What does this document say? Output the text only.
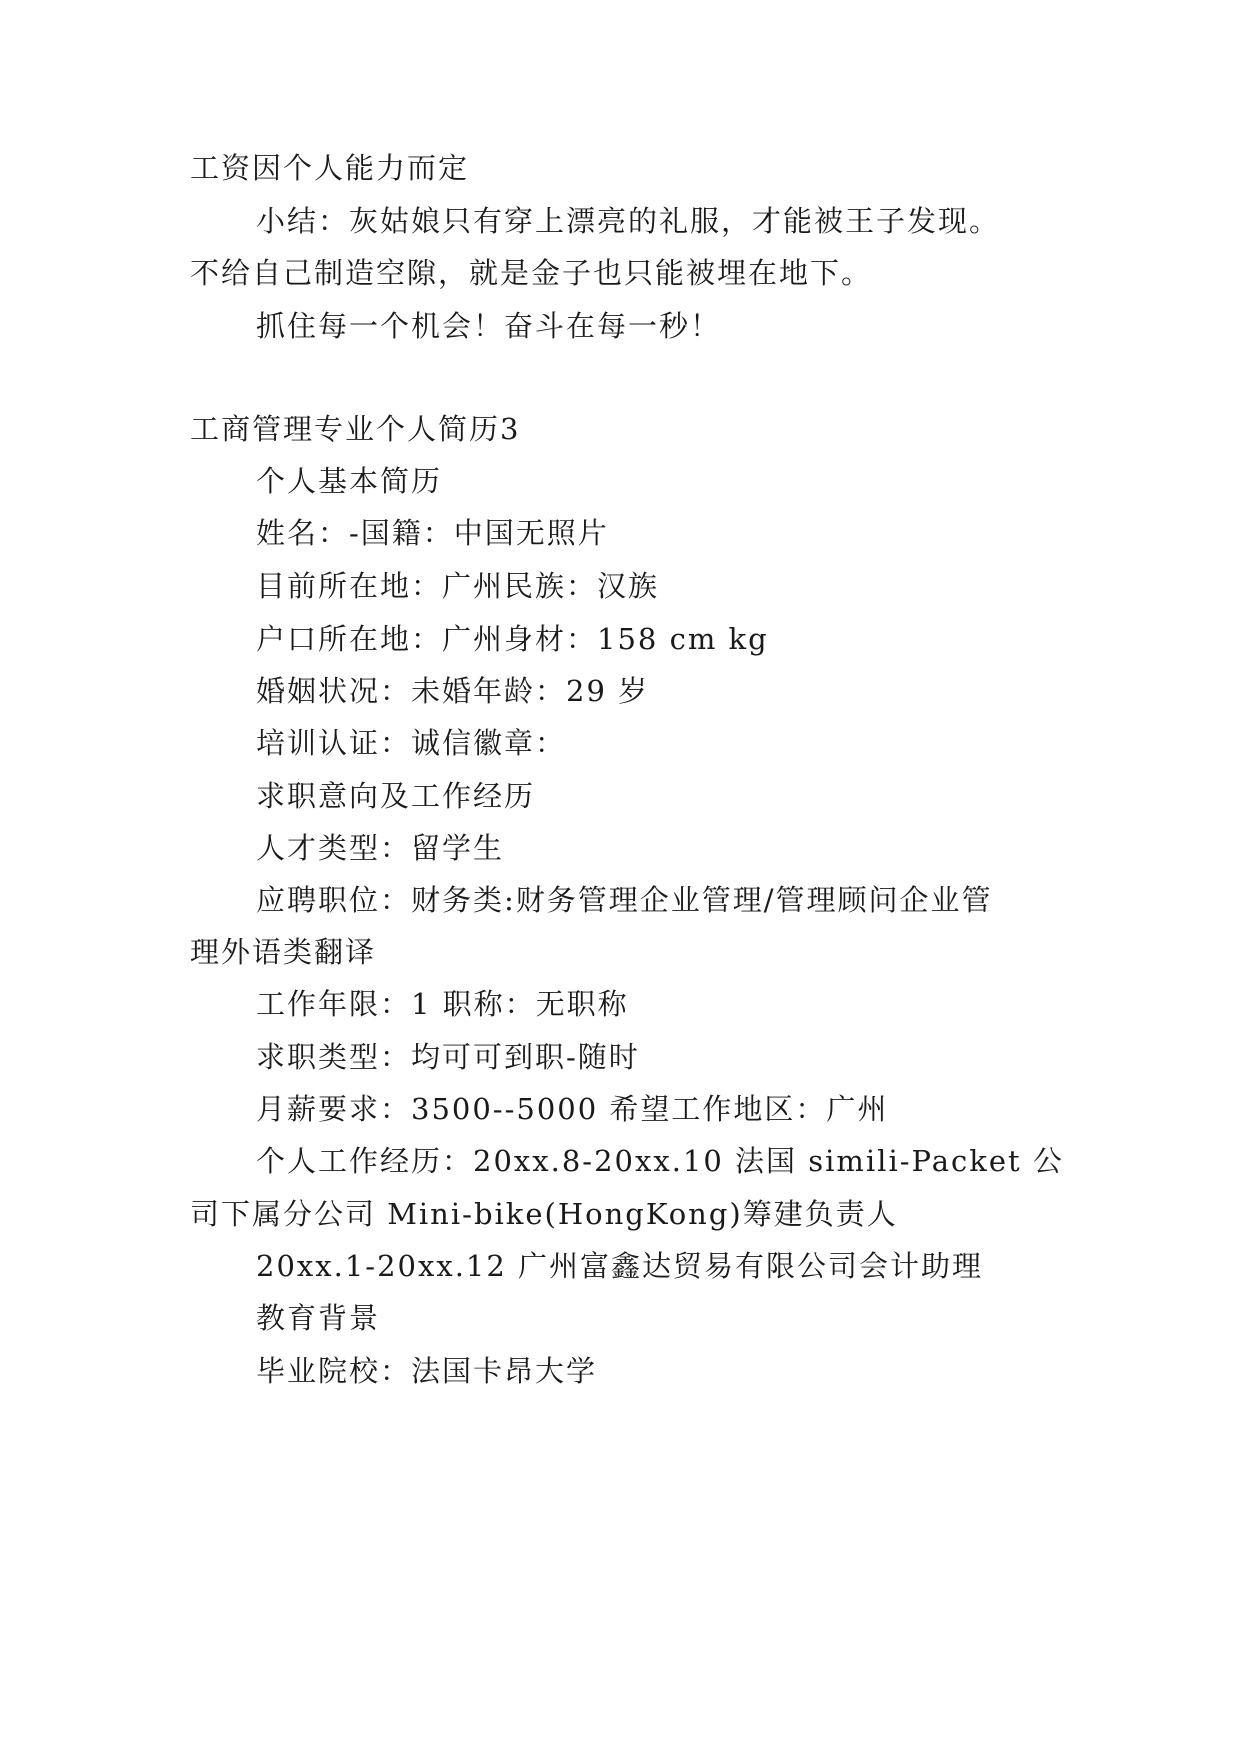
工资因个人能力而定
小结：灰姑娘只有穿上漂亮的礼服，才能被王子发现。
不给自己制造空隙，就是金子也只能被埋在地下。
抓住每一个机会！奋斗在每一秒！
工商管理专业个人简历3
个人基本简历
姓名：-国籍：中国无照片
目前所在地：广州民族：汉族
户口所在地：广州身材：158 cm kg
婚姻状况：未婚年龄：29 岁
培训认证：诚信徽章：
求职意向及工作经历
人才类型：留学生
应聘职位：财务类:财务管理企业管理/管理顾问企业管
理外语类翻译
工作年限：1 职称：无职称
求职类型：均可可到职-随时
月薪要求：3500--5000 希望工作地区：广州
个人工作经历：20xx.8-20xx.10 法国 simili-Packet 公
司下属分公司 Mini-bike(HongKong)筹建负责人
20xx.1-20xx.12 广州富鑫达贸易有限公司会计助理
教育背景
毕业院校：法国卡昂大学
